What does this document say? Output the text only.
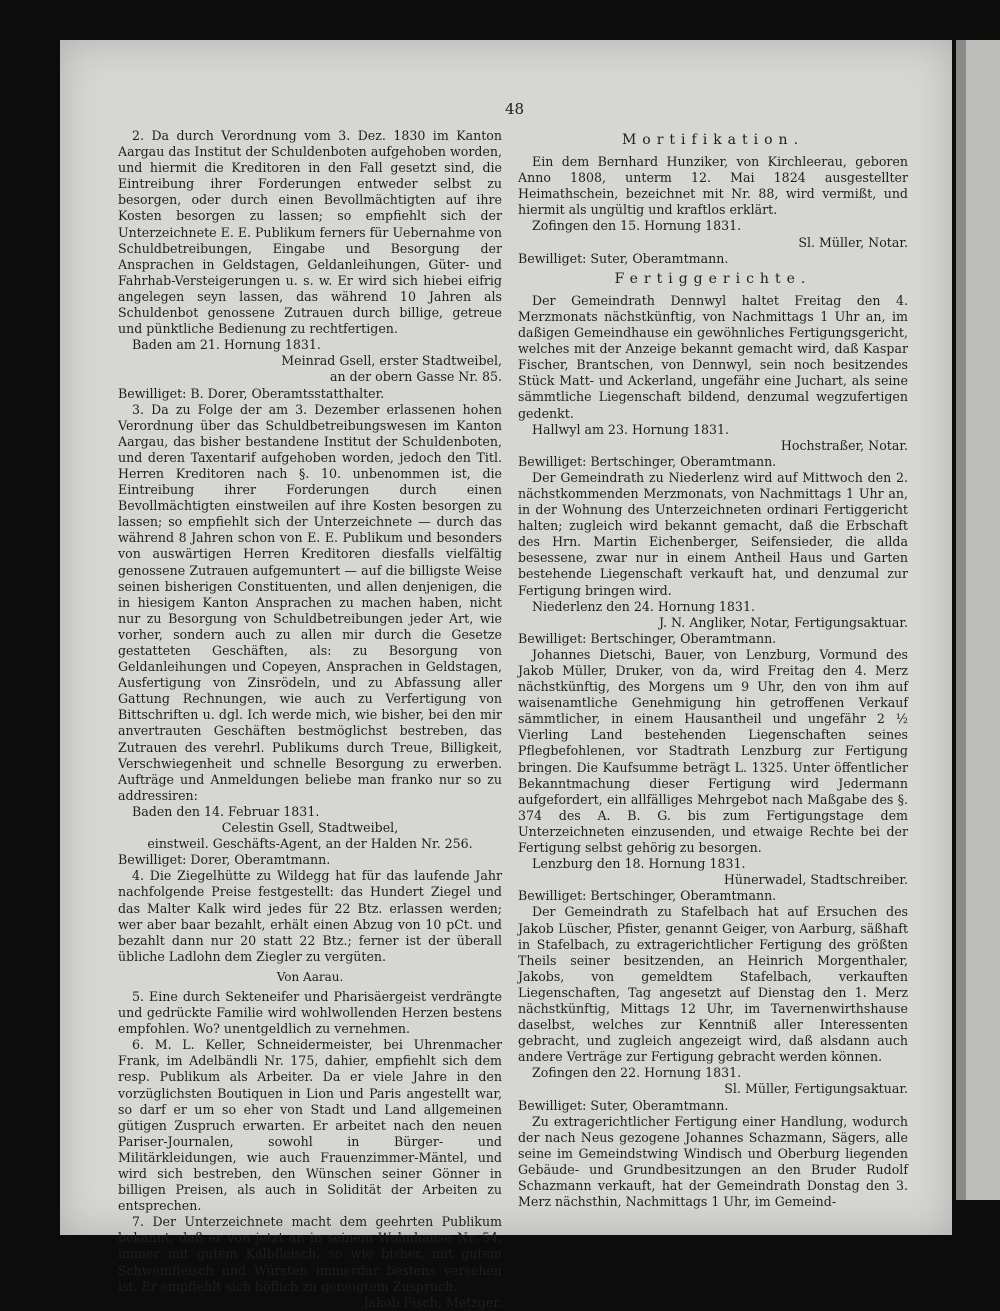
48

2. Da durch Verordnung vom 3. Dez. 1830 im Kanton Aargau das Institut der Schuldenboten aufgehoben worden, und hiermit die Kreditoren in den Fall gesetzt sind, die Eintreibung ihrer Forderungen entweder selbst zu besorgen, oder durch einen Bevollmächtigten auf ihre Kosten besorgen zu lassen; so empfiehlt sich der Unterzeichnete E. E. Publikum ferners für Uebernahme von Schuldbetreibungen, Eingabe und Besorgung der Ansprachen in Geldstagen, Geldanleihungen, Güter- und Fahrhab-Versteigerungen u. s. w. Er wird sich hiebei eifrig angelegen seyn lassen, das während 10 Jahren als Schuldenbot genossene Zutrauen durch billige, getreue und pünktliche Bedienung zu rechtfertigen.

Baden am 21. Hornung 1831.

Meinrad Gsell, erster Stadtweibel,

an der obern Gasse Nr. 85.

Bewilliget: B. Dorer, Oberamtsstatthalter.

3. Da zu Folge der am 3. Dezember erlassenen hohen Verordnung über das Schuldbetreibungswesen im Kanton Aargau, das bisher bestandene Institut der Schuldenboten, und deren Taxentarif aufgehoben worden, jedoch den Titl. Herren Kreditoren nach §. 10. unbenommen ist, die Eintreibung ihrer Forderungen durch einen Bevollmächtigten einstweilen auf ihre Kosten besorgen zu lassen; so empfiehlt sich der Unterzeichnete — durch das während 8 Jahren schon von E. E. Publikum und besonders von auswärtigen Herren Kreditoren diesfalls vielfältig genossene Zutrauen aufgemuntert — auf die billigste Weise seinen bisherigen Constituenten, und allen denjenigen, die in hiesigem Kanton Ansprachen zu machen haben, nicht nur zu Besorgung von Schuldbetreibungen jeder Art, wie vorher, sondern auch zu allen mir durch die Gesetze gestatteten Geschäften, als: zu Besorgung von Geldanleihungen und Copeyen, Ansprachen in Geldstagen, Ausfertigung von Zinsrödeln, und zu Abfassung aller Gattung Rechnungen, wie auch zu Verfertigung von Bittschriften u. dgl. Ich werde mich, wie bisher, bei den mir anvertrauten Geschäften bestmöglichst bestreben, das Zutrauen des verehrl. Publikums durch Treue, Billigkeit, Verschwiegenheit und schnelle Besorgung zu erwerben. Aufträge und Anmeldungen beliebe man franko nur so zu addressiren:

Baden den 14. Februar 1831.

Celestin Gsell, Stadtweibel,

einstweil. Geschäfts-Agent, an der Halden Nr. 256.

Bewilliget: Dorer, Oberamtmann.

4. Die Ziegelhütte zu Wildegg hat für das laufende Jahr nachfolgende Preise festgestellt: das Hundert Ziegel und das Malter Kalk wird jedes für 22 Btz. erlassen werden; wer aber baar bezahlt, erhält einen Abzug von 10 pCt. und bezahlt dann nur 20 statt 22 Btz.; ferner ist der überall übliche Ladlohn dem Ziegler zu vergüten.

Von Aarau.

5. Eine durch Sekteneifer und Pharisäergeist verdrängte und gedrückte Familie wird wohlwollenden Herzen bestens empfohlen. Wo? unentgeldlich zu vernehmen.

6. M. L. Keller, Schneidermeister, bei Uhrenmacher Frank, im Adelbändli Nr. 175, dahier, empfiehlt sich dem resp. Publikum als Arbeiter. Da er viele Jahre in den vorzüglichsten Boutiquen in Lion und Paris angestellt war, so darf er um so eher von Stadt und Land allgemeinen gütigen Zuspruch erwarten. Er arbeitet nach den neuen Pariser-Journalen, sowohl in Bürger- und Militärkleidungen, wie auch Frauenzimmer-Mäntel, und wird sich bestreben, den Wünschen seiner Gönner in billigen Preisen, als auch in Solidität der Arbeiten zu entsprechen.

7. Der Unterzeichnete macht dem geehrten Publikum bekannt, daß er von jetzt an in seinem Wohnhause Nr. 54, immer mit gutem Kalbfleisch, so wie bisher, mit gutem Schweinfleisch und Würsten immerdar bestens versehen ist. Er empfiehlt sich höflich zu geneigtem Zuspruch.

Jakob Fisch, Metzger.

Mortifikation.

Ein dem Bernhard Hunziker, von Kirchleerau, geboren Anno 1808, unterm 12. Mai 1824 ausgestellter Heimathschein, bezeichnet mit Nr. 88, wird vermißt, und hiermit als ungültig und kraftlos erklärt.

Zofingen den 15. Hornung 1831.

Sl. Müller, Notar.

Bewilliget: Suter, Oberamtmann.

Fertiggerichte.

Der Gemeindrath Dennwyl haltet Freitag den 4. Merzmonats nächstkünftig, von Nachmittags 1 Uhr an, im daßigen Gemeindhause ein gewöhnliches Fertigungsgericht, welches mit der Anzeige bekannt gemacht wird, daß Kaspar Fischer, Brantschen, von Dennwyl, sein noch besitzendes Stück Matt- und Ackerland, ungefähr eine Juchart, als seine sämmtliche Liegenschaft bildend, denzumal wegzufertigen gedenkt.

Hallwyl am 23. Hornung 1831.

Hochstraßer, Notar.

Bewilliget: Bertschinger, Oberamtmann.

Der Gemeindrath zu Niederlenz wird auf Mittwoch den 2. nächstkommenden Merzmonats, von Nachmittags 1 Uhr an, in der Wohnung des Unterzeichneten ordinari Fertiggericht halten; zugleich wird bekannt gemacht, daß die Erbschaft des Hrn. Martin Eichenberger, Seifensieder, die allda besessene, zwar nur in einem Antheil Haus und Garten bestehende Liegenschaft verkauft hat, und denzumal zur Fertigung bringen wird.

Niederlenz den 24. Hornung 1831.

J. N. Angliker, Notar, Fertigungsaktuar.

Bewilliget: Bertschinger, Oberamtmann.

Johannes Dietschi, Bauer, von Lenzburg, Vormund des Jakob Müller, Druker, von da, wird Freitag den 4. Merz nächstkünftig, des Morgens um 9 Uhr, den von ihm auf waisenamtliche Genehmigung hin getroffenen Verkauf sämmtlicher, in einem Hausantheil und ungefähr 2 ½ Vierling Land bestehenden Liegenschaften seines Pflegbefohlenen, vor Stadtrath Lenzburg zur Fertigung bringen. Die Kaufsumme beträgt L. 1325. Unter öffentlicher Bekanntmachung dieser Fertigung wird Jedermann aufgefordert, ein allfälliges Mehrgebot nach Maßgabe des §. 374 des A. B. G. bis zum Fertigungstage dem Unterzeichneten einzusenden, und etwaige Rechte bei der Fertigung selbst gehörig zu besorgen.

Lenzburg den 18. Hornung 1831.

Hünerwadel, Stadtschreiber.

Bewilliget: Bertschinger, Oberamtmann.

Der Gemeindrath zu Stafelbach hat auf Ersuchen des Jakob Lüscher, Pfister, genannt Geiger, von Aarburg, säßhaft in Stafelbach, zu extragerichtlicher Fertigung des größten Theils seiner besitzenden, an Heinrich Morgenthaler, Jakobs, von gemeldtem Stafelbach, verkauften Liegenschaften, Tag angesetzt auf Dienstag den 1. Merz nächstkünftig, Mittags 12 Uhr, im Tavernenwirthshause daselbst, welches zur Kenntniß aller Interessenten gebracht, und zugleich angezeigt wird, daß alsdann auch andere Verträge zur Fertigung gebracht werden können.

Zofingen den 22. Hornung 1831.

Sl. Müller, Fertigungsaktuar.

Bewilliget: Suter, Oberamtmann.

Zu extragerichtlicher Fertigung einer Handlung, wodurch der nach Neus gezogene Johannes Schazmann, Sägers, alle seine im Gemeindstwing Windisch und Oberburg liegenden Gebäude- und Grundbesitzungen an den Bruder Rudolf Schazmann verkauft, hat der Gemeindrath Donstag den 3. Merz nächsthin, Nachmittags 1 Uhr, im Gemeind-
